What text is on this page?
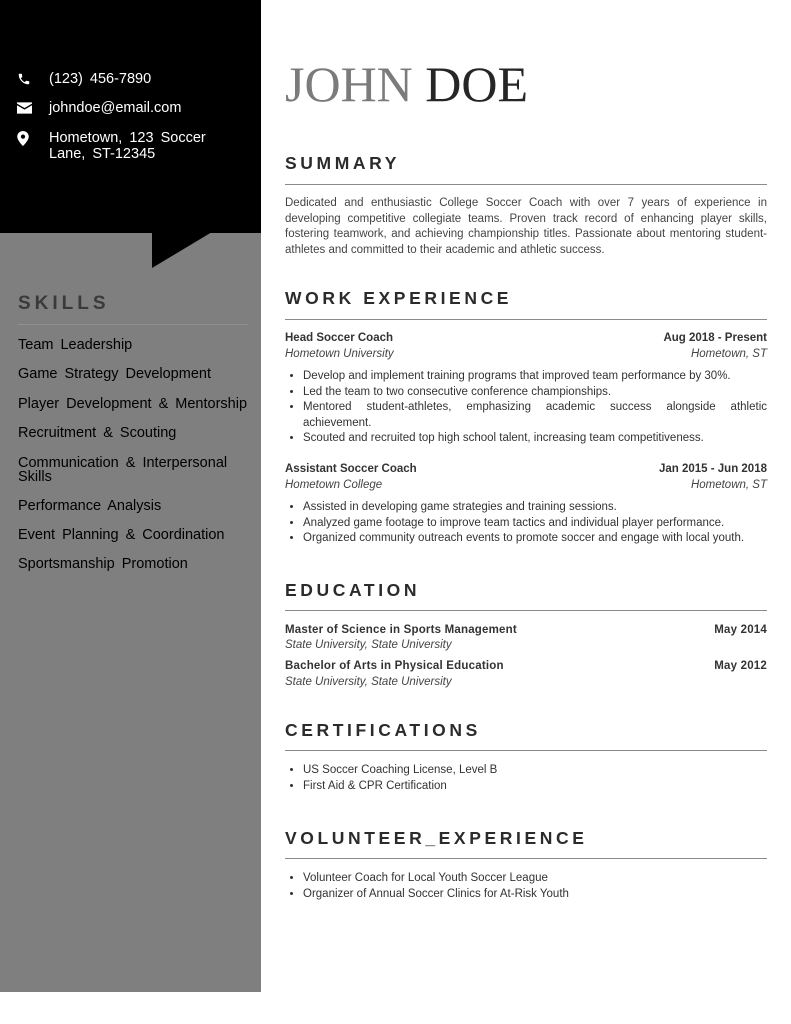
(123) 456-7890
johndoe@email.com
Hometown, 123 Soccer Lane, ST-12345
SKILLS
Team Leadership
Game Strategy Development
Player Development & Mentorship
Recruitment & Scouting
Communication & Interpersonal Skills
Performance Analysis
Event Planning & Coordination
Sportsmanship Promotion
JOHN DOE
SUMMARY
Dedicated and enthusiastic College Soccer Coach with over 7 years of experience in developing competitive collegiate teams. Proven track record of enhancing player skills, fostering teamwork, and achieving championship titles. Passionate about mentoring student-athletes and committed to their academic and athletic success.
WORK EXPERIENCE
Head Soccer Coach	Aug 2018 - Present
Hometown University	Hometown, ST
• Develop and implement training programs that improved team performance by 30%.
• Led the team to two consecutive conference championships.
• Mentored student-athletes, emphasizing academic success alongside athletic achievement.
• Scouted and recruited top high school talent, increasing team competitiveness.
Assistant Soccer Coach	Jan 2015 - Jun 2018
Hometown College	Hometown, ST
• Assisted in developing game strategies and training sessions.
• Analyzed game footage to improve team tactics and individual player performance.
• Organized community outreach events to promote soccer and engage with local youth.
EDUCATION
Master of Science in Sports Management	May 2014
State University, State University
Bachelor of Arts in Physical Education	May 2012
State University, State University
CERTIFICATIONS
• US Soccer Coaching License, Level B
• First Aid & CPR Certification
VOLUNTEER_EXPERIENCE
• Volunteer Coach for Local Youth Soccer League
• Organizer of Annual Soccer Clinics for At-Risk Youth
